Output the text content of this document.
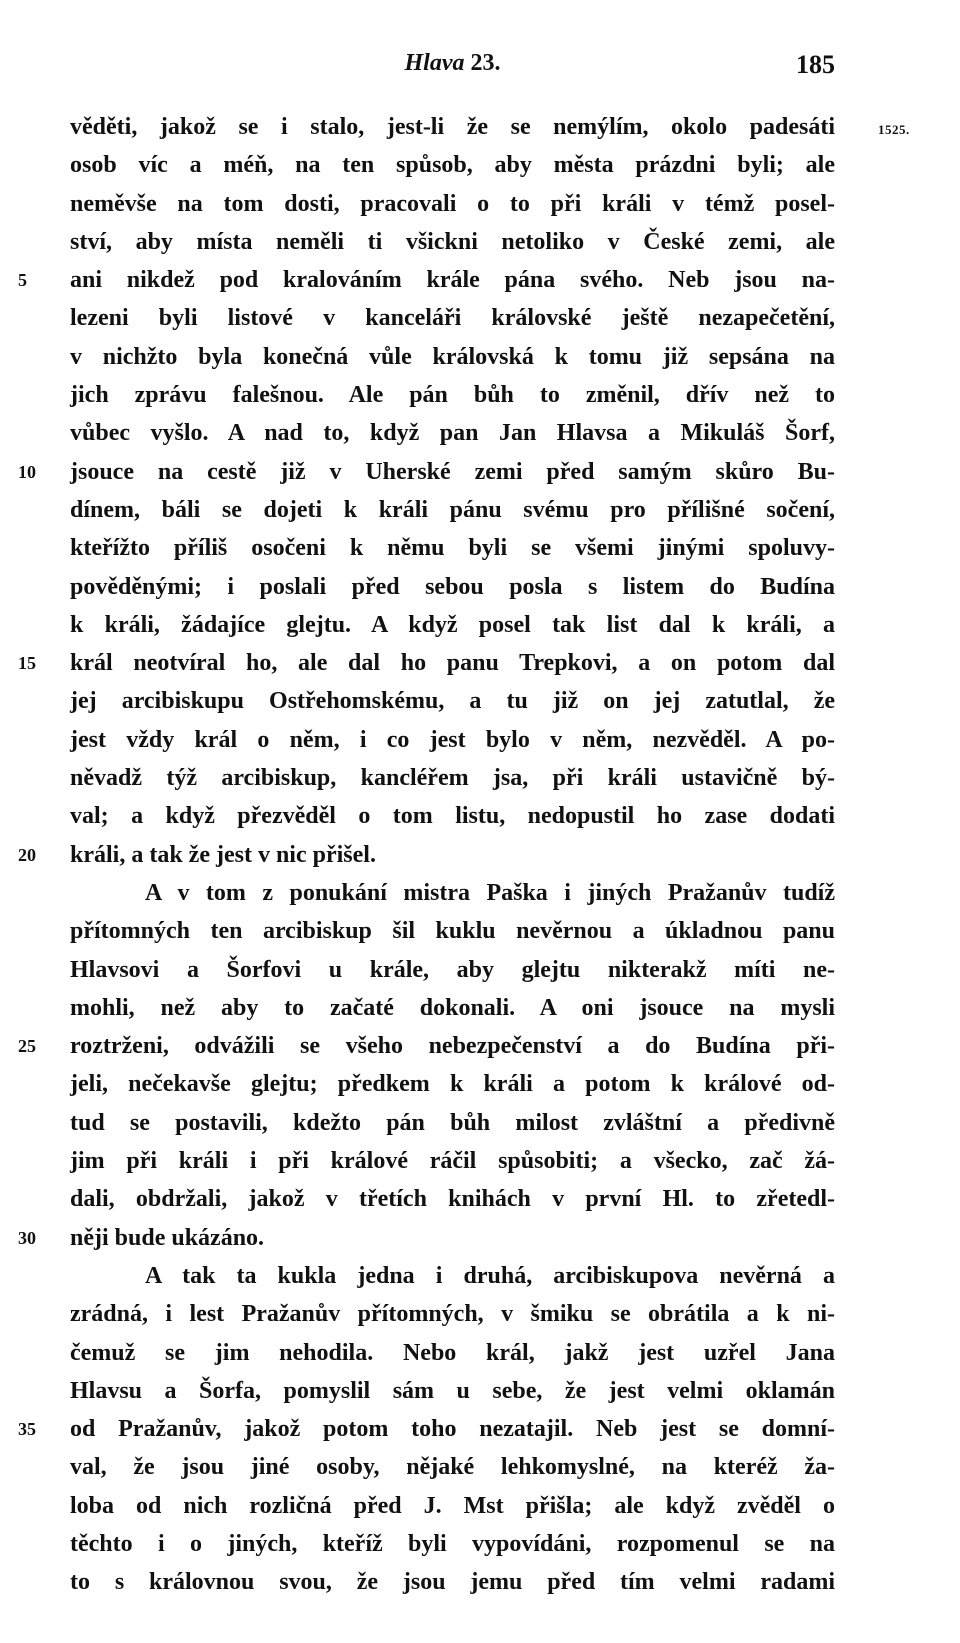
Hlava 23.	185
1525.
věděti, jakož se i stalo, jest-li že se nemýlím, okolo padesáti
osob víc a méň, na ten spůsob, aby města prázdni byli; ale
neměvše na tom dosti, pracovali o to při králi v témž posel-
ství, aby místa neměli ti všickni netoliko v České zemi, ale
5	ani nikdež pod kralováním krále pána svého. Neb jsou na-
lezeni byli listové v kanceláři královské ještě nezapečetění,
v nichžto byla konečná vůle královská k tomu již sepsána na
jich zprávu falešnou. Ale pán bůh to změnil, dřív než to
vůbec vyšlo. A nad to, když pan Jan Hlavsa a Mikuláš Šorf,
10	jsouce na cestě již v Uherské zemi před samým skůro Bu-
dínem, báli se dojeti k králi pánu svému pro přílišné sočení,
kteřížto příliš osočeni k němu byli se všemi jinými spoluvy-
pověděnými; i poslali před sebou posla s listem do Budína
k králi, žádajíce glejtu. A když posel tak list dal k králi, a
15	král neotvíral ho, ale dal ho panu Trepkovi, a on potom dal
jej arcibiskupu Ostřehomskému, a tu již on jej zatutlal, že
jest vždy král o něm, i co jest bylo v něm, nezvěděl. A po-
něvadž týž arcibiskup, kancléřem jsa, při králi ustavičně bý-
val; a když přezvěděl o tom listu, nedopustil ho zase dodati
20	králi, a tak že jest v nic přišel.
A v tom z ponukání mistra Paška i jiných Pražanův tudíž
přítomných ten arcibiskup šil kuklu nevěrnou a úkladnou panu
Hlavsovi a Šorfovi u krále, aby glejtu nikterakž míti ne-
mohli, než aby to začaté dokonali. A oni jsouce na mysli
25	roztrženi, odvážili se všeho nebezpečenství a do Budína při-
jeli, nečekavše glejtu; předkem k králi a potom k králové od-
tud se postavili, kdežto pán bůh milost zvláštní a předivně
jim při králi i při králové ráčil spůsobiti; a všecko, zač žá-
dali, obdržali, jakož v třetích knihách v první Hl. to zřetedl-
30	něji bude ukázáno.
A tak ta kukla jedna i druhá, arcibiskupova nevěrná a
zrádná, i lest Pražanův přítomných, v šmiku se obrátila a k ni-
čemuž se jim nehodila. Nebo král, jakž jest uzřel Jana
Hlavsu a Šorfa, pomyslil sám u sebe, že jest velmi oklamán
35	od Pražanův, jakož potom toho nezatajil. Neb jest se domní-
val, že jsou jiné osoby, nějaké lehkomyslné, na kteréž ža-
loba od nich rozličná před J. Mst přišla; ale když zvěděl o
těchto i o jiných, kteříž byli vypovídáni, rozpomenul se na
to s královnou svou, že jsou jemu před tím velmi radami
